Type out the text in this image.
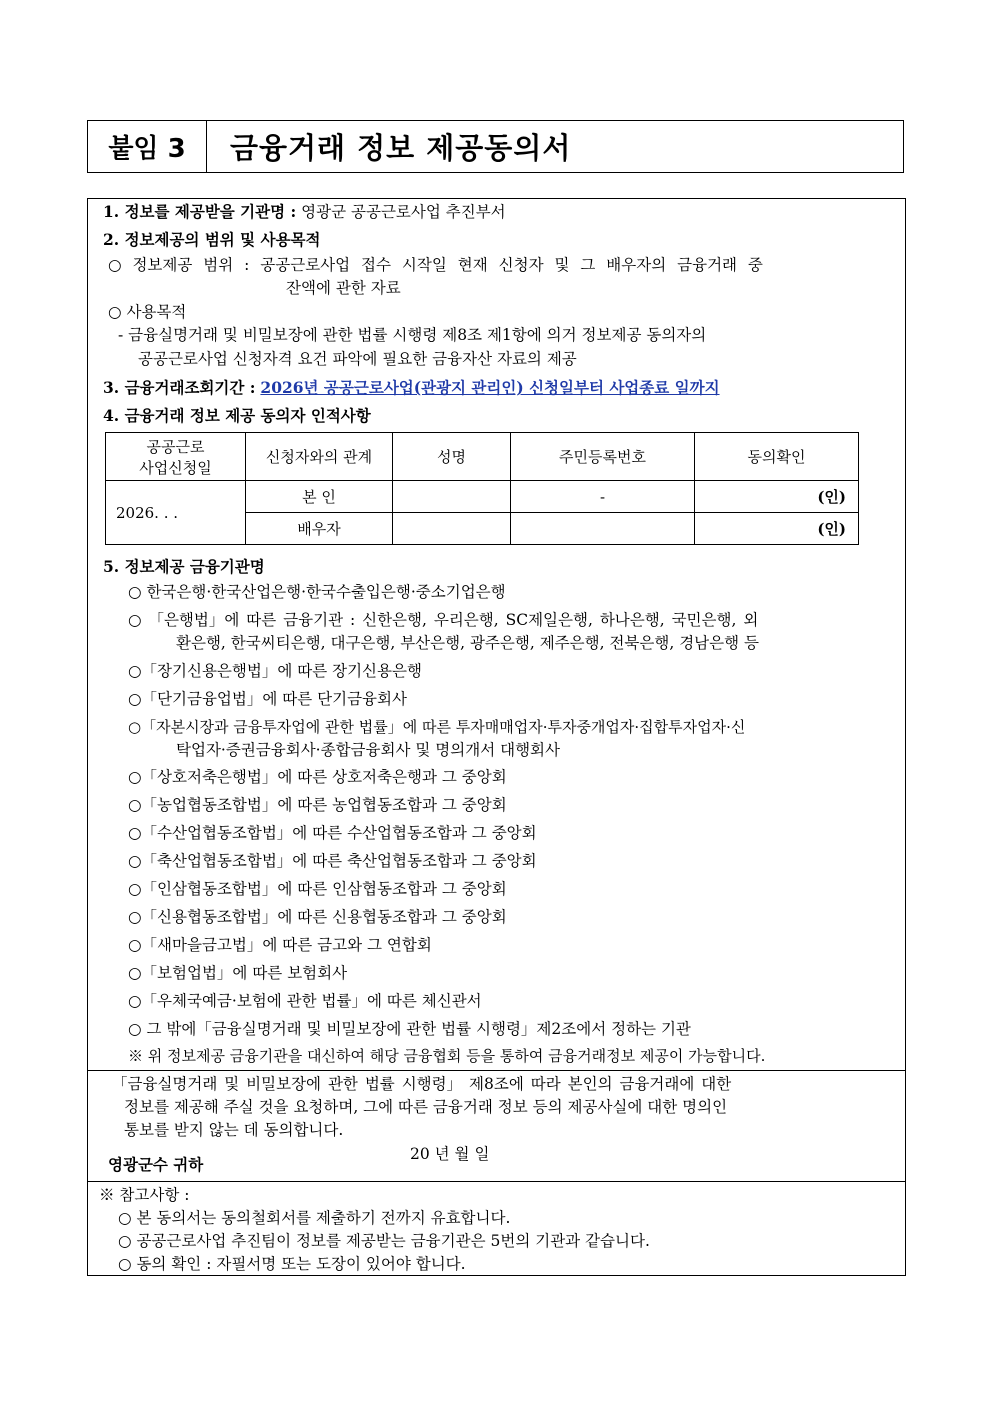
붙임 3	금융거래 정보 제공동의서
1. 정보를 제공받을 기관명 : 영광군 공공근로사업 추진부서
2. 정보제공의 범위 및 사용목적
○ 정보제공 범위 : 공공근로사업 접수 시작일 현재 신청자 및 그 배우자의 금융거래 중
잔액에 관한 자료
○ 사용목적
- 금융실명거래 및 비밀보장에 관한 법률 시행령 제8조 제1항에 의거 정보제공 동의자의
공공근로사업 신청자격 요건 파악에 필요한 금융자산 자료의 제공
3. 금융거래조회기간 : 2026년 공공근로사업(관광지 관리인) 신청일부터 사업종료 일까지
4. 금융거래 정보 제공 동의자 인적사항
공공근로
사업신청일	신청자와의 관계	성명	주민등록번호	동의확인
2026. . .	본 인		-	(인)
	배우자			(인)
5. 정보제공 금융기관명
○ 한국은행·한국산업은행·한국수출입은행·중소기업은행
○ 「은행법」에 따른 금융기관 : 신한은행, 우리은행, SC제일은행, 하나은행, 국민은행, 외
환은행, 한국씨티은행, 대구은행, 부산은행, 광주은행, 제주은행, 전북은행, 경남은행 등
○「장기신용은행법」에 따른 장기신용은행
○「단기금융업법」에 따른 단기금융회사
○「자본시장과 금융투자업에 관한 법률」에 따른 투자매매업자·투자중개업자·집합투자업자·신
탁업자·증권금융회사·종합금융회사 및 명의개서 대행회사
○「상호저축은행법」에 따른 상호저축은행과 그 중앙회
○「농업협동조합법」에 따른 농업협동조합과 그 중앙회
○「수산업협동조합법」에 따른 수산업협동조합과 그 중앙회
○「축산업협동조합법」에 따른 축산업협동조합과 그 중앙회
○「인삼협동조합법」에 따른 인삼협동조합과 그 중앙회
○「신용협동조합법」에 따른 신용협동조합과 그 중앙회
○「새마을금고법」에 따른 금고와 그 연합회
○「보험업법」에 따른 보험회사
○「우체국예금·보험에 관한 법률」에 따른 체신관서
○ 그 밖에「금융실명거래 및 비밀보장에 관한 법률 시행령」제2조에서 정하는 기관
※ 위 정보제공 금융기관을 대신하여 해당 금융협회 등을 통하여 금융거래정보 제공이 가능합니다.
「금융실명거래 및 비밀보장에 관한 법률 시행령」 제8조에 따라 본인의 금융거래에 대한
정보를 제공해 주실 것을 요청하며, 그에 따른 금융거래 정보 등의 제공사실에 대한 명의인
통보를 받지 않는 데 동의합니다.
20 년 월 일
영광군수 귀하
※ 참고사항 :
○ 본 동의서는 동의철회서를 제출하기 전까지 유효합니다.
○ 공공근로사업 추진팀이 정보를 제공받는 금융기관은 5번의 기관과 같습니다.
○ 동의 확인 : 자필서명 또는 도장이 있어야 합니다.
